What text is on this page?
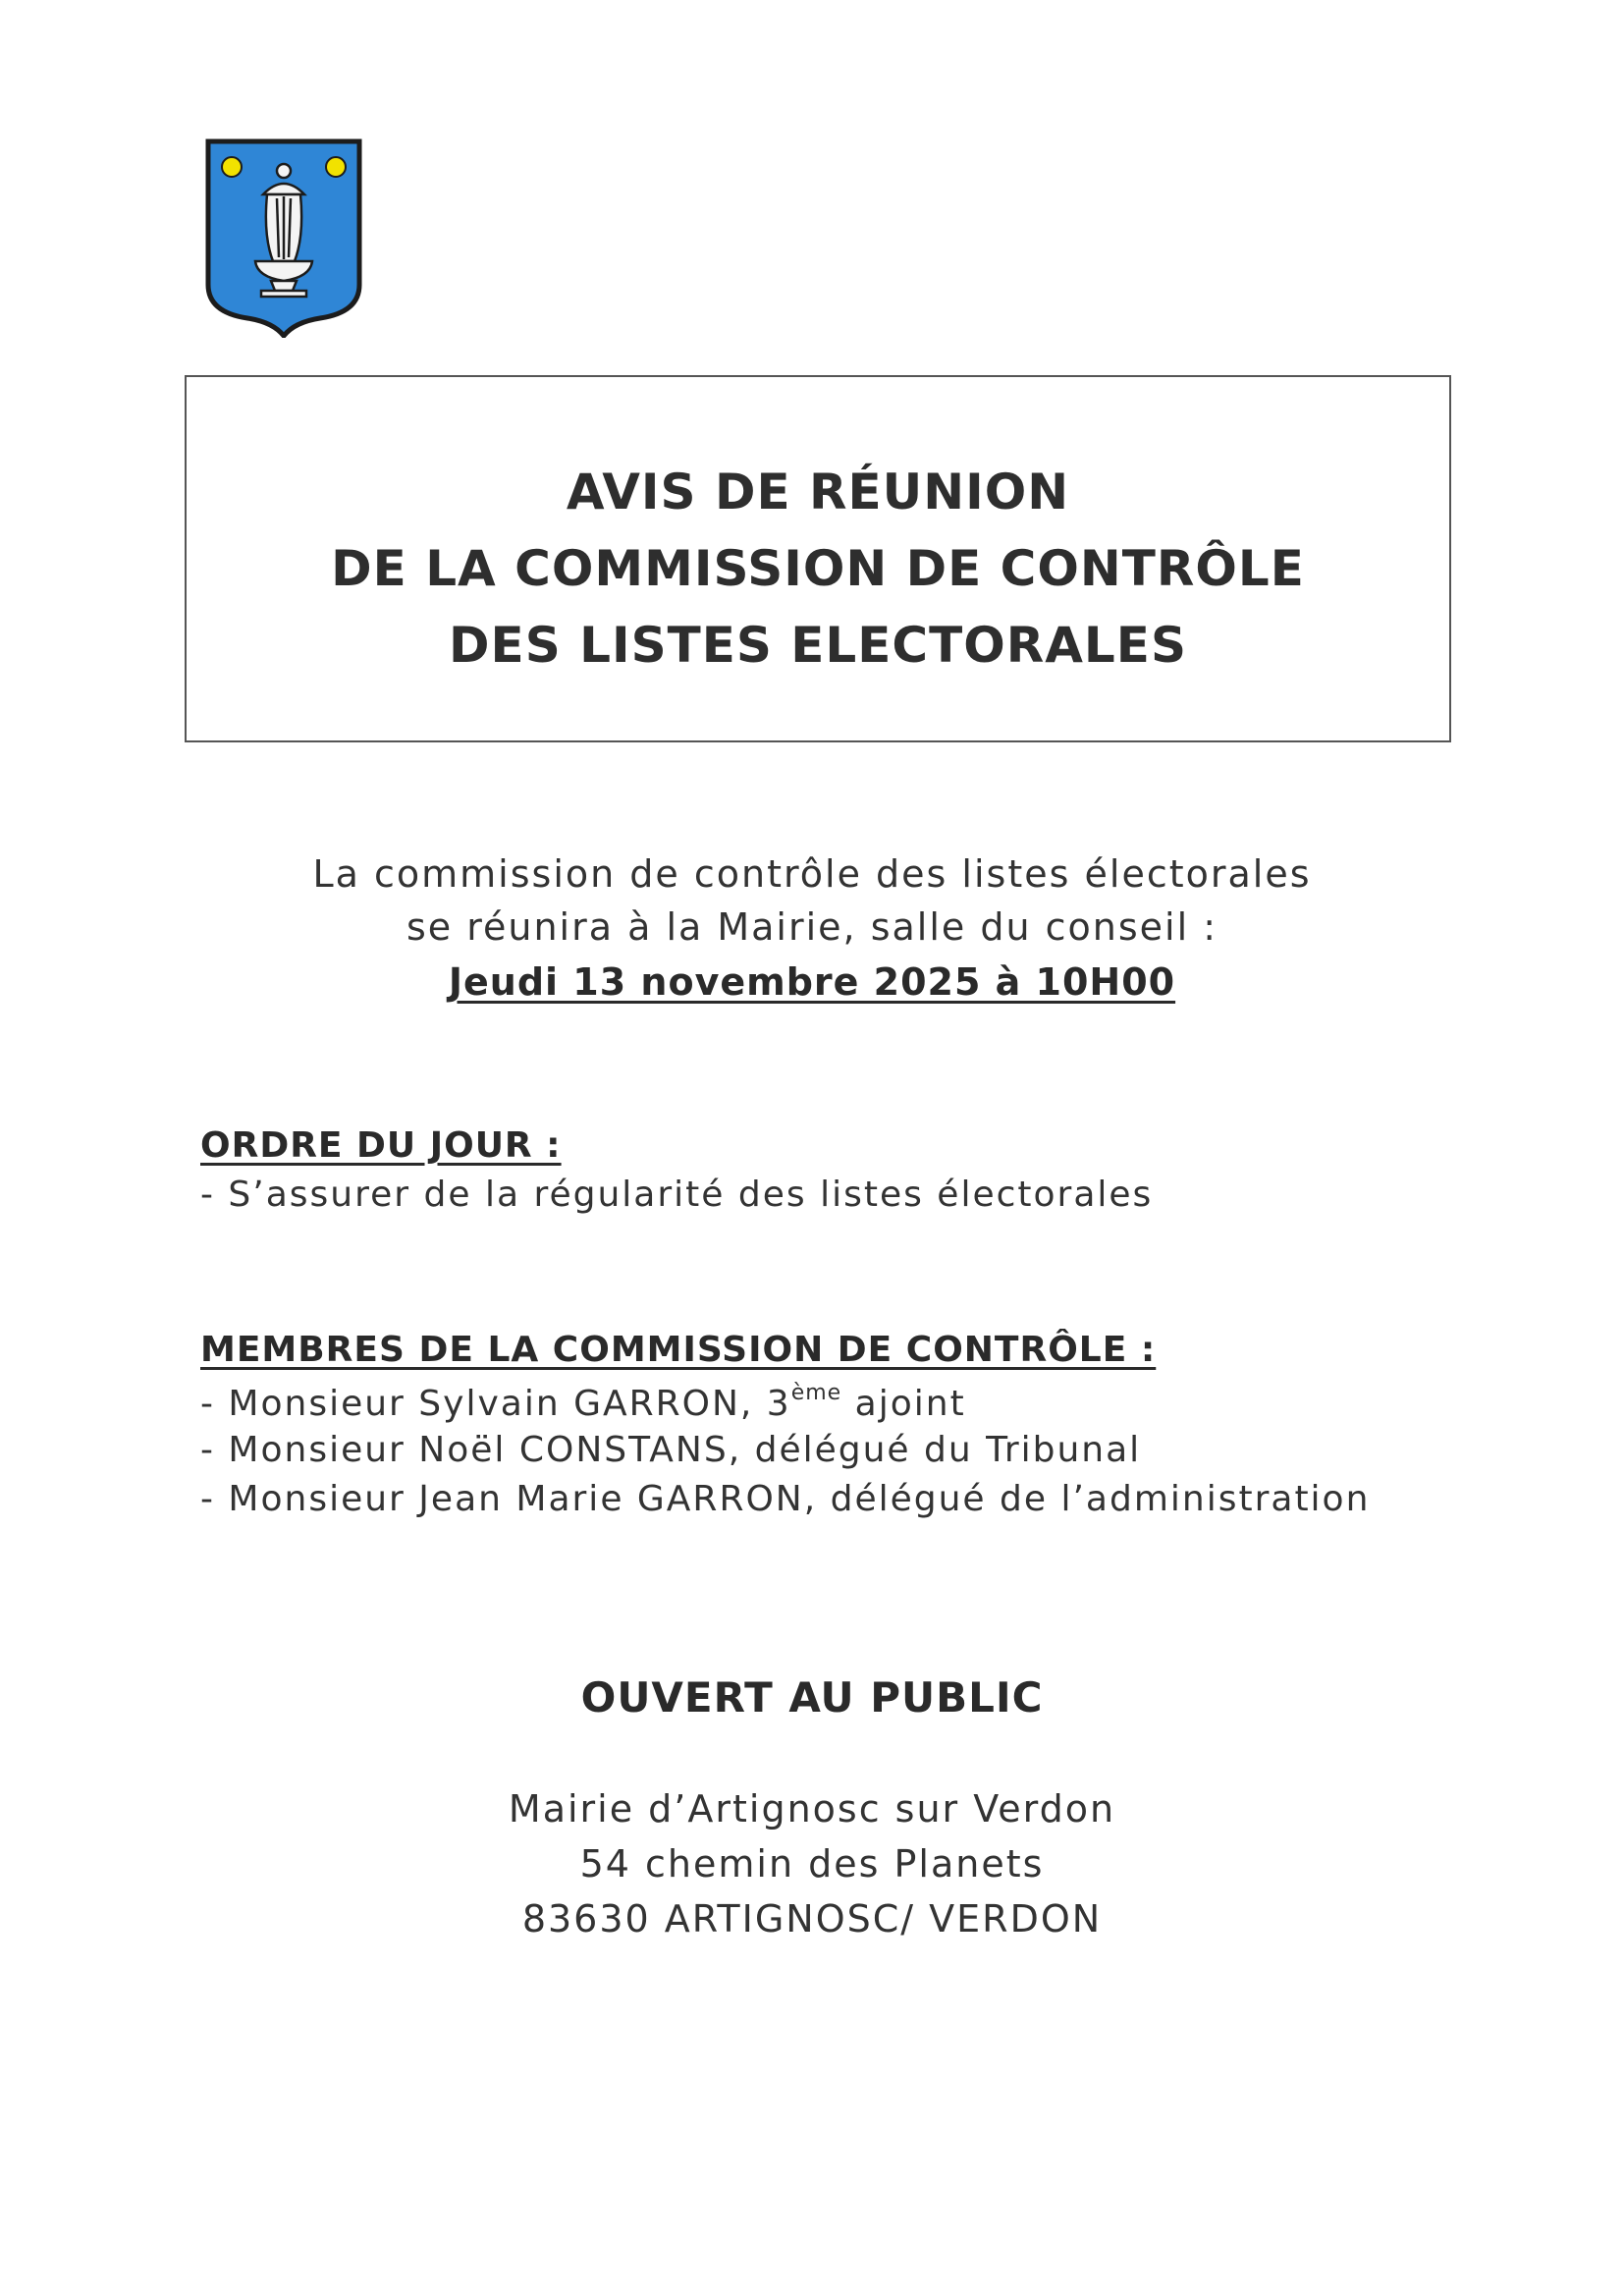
AVIS DE RÉUNION
DE LA COMMISSION DE CONTRÔLE
DES LISTES ELECTORALES
La commission de contrôle des listes électorales
se réunira à la Mairie, salle du conseil :
Jeudi 13 novembre 2025 à 10H00
ORDRE DU JOUR :
- S’assurer de la régularité des listes électorales
MEMBRES DE LA COMMISSION DE CONTRÔLE :
- Monsieur Sylvain GARRON, 3ème ajoint
- Monsieur Noël CONSTANS, délégué du Tribunal
- Monsieur Jean Marie GARRON, délégué de l’administration
OUVERT AU PUBLIC
Mairie d’Artignosc sur Verdon
54 chemin des Planets
83630 ARTIGNOSC/ VERDON
